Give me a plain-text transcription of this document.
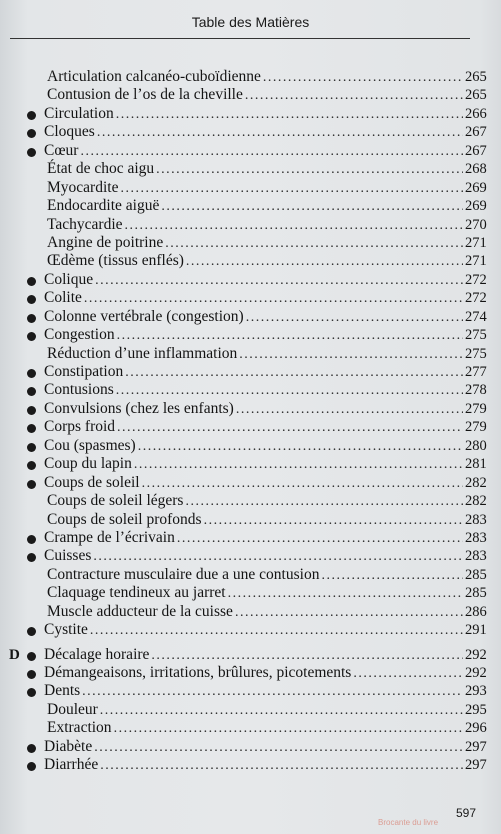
Table des Matières
Articulation calcanéo-cuboïdienne .....	265
Contusion de l’os de la cheville .....	265
Circulation .....	266
Cloques .....	267
Cœur .....	267
État de choc aigu .....	268
Myocardite .....	269
Endocardite aiguë .....	269
Tachycardie .....	270
Angine de poitrine .....	271
Œdème (tissus enflés) .....	271
Colique .....	272
Colite .....	272
Colonne vertébrale (congestion) .....	274
Congestion .....	275
Réduction d’une inflammation .....	275
Constipation .....	277
Contusions .....	278
Convulsions (chez les enfants) .....	279
Corps froid .....	279
Cou (spasmes) .....	280
Coup du lapin .....	281
Coups de soleil .....	282
Coups de soleil légers .....	282
Coups de soleil profonds .....	283
Crampe de l’écrivain .....	283
Cuisses .....	283
Contracture musculaire due a une contusion .....	285
Claquage tendineux au jarret .....	285
Muscle adducteur de la cuisse .....	286
Cystite .....	291
D	Décalage horaire .....	292
Démangeaisons, irritations, brûlures, picotements .....	292
Dents .....	293
Douleur .....	295
Extraction .....	296
Diabète .....	297
Diarrhée .....	297
597
Brocante du livre
